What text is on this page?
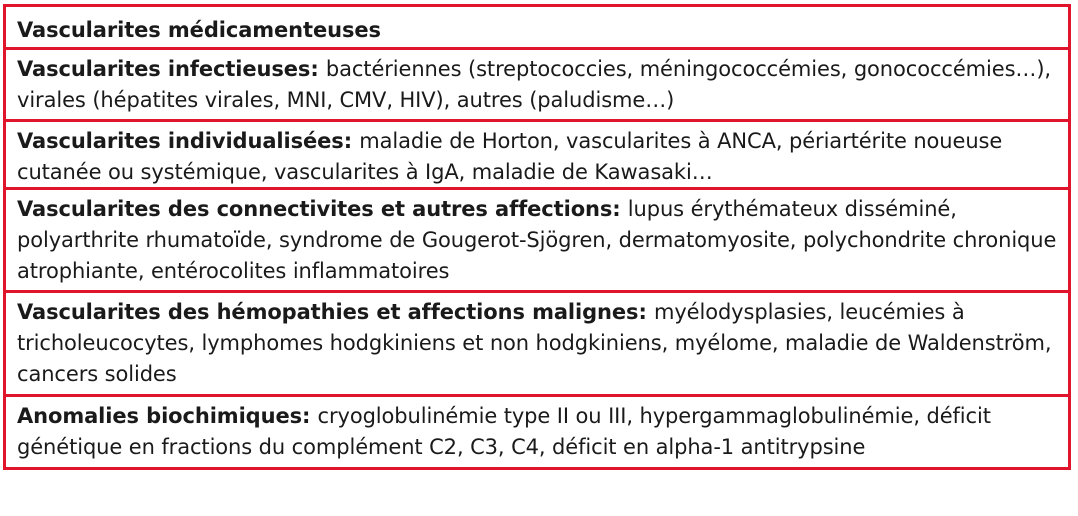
Vascularites médicamenteuses
Vascularites infectieuses: bactériennes (streptococcies, méningococcémies, gonococcémies…), virales (hépatites virales, MNI, CMV, HIV), autres (paludisme…)
Vascularites individualisées: maladie de Horton, vascularites à ANCA, périartérite noueuse cutanée ou systémique, vascularites à IgA, maladie de Kawasaki…
Vascularites des connectivites et autres affections: lupus érythémateux disséminé, polyarthrite rhumatoïde, syndrome de Gougerot-Sjögren, dermatomyosite, polychondrite chronique atrophiante, entérocolites inflammatoires
Vascularites des hémopathies et affections malignes: myélodysplasies, leucémies à tricholeucocytes, lymphomes hodgkiniens et non hodgkiniens, myélome, maladie de Waldenström, cancers solides
Anomalies biochimiques: cryoglobulinémie type II ou III, hypergammaglobulinémie, déficit génétique en fractions du complément C2, C3, C4, déficit en alpha-1 antitrypsine
